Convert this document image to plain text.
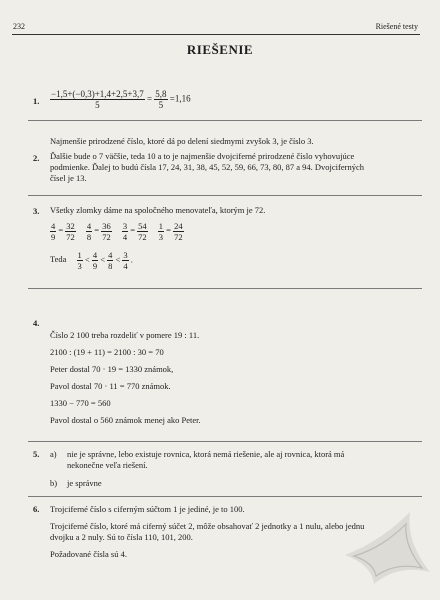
232	Riešené testy
RIEŠENIE
1. $\frac{-1,5+(-0,3)+1,4+2,5+3,7}{5} = \frac{5,8}{5} =1,16$
Najmenšie prirodzené číslo, ktoré dá po delení siedmymi zvyšok 3, je číslo 3.
2. Ďalšie bude o 7 väčšie, teda 10 a to je najmenšie dvojciferné prirodzené číslo vyhovujúce
podmienke. Ďalej to budú čísla 17, 24, 31, 38, 45, 52, 59, 66, 73, 80, 87 a 94. Dvojciferných
čísel je 13.
3. Všetky zlomky dáme na spoločného menovateľa, ktorým je 72.
$\frac{4}{9} = \frac{32}{72}$
$\frac{4}{8} = \frac{36}{72}$
$\frac{3}{4} = \frac{54}{72}$
$\frac{1}{3} = \frac{24}{72}$
Teda $\frac{1}{3} < \frac{4}{9} < \frac{4}{8} < \frac{3}{4}$ .
4.
Číslo 2 100 treba rozdeliť v pomere 19 : 11.
2100 : (19 + 11) = 2100 : 30 = 70
Peter dostal 70 · 19 = 1330 známok,
Pavol dostal 70 · 11 = 770 známok.
1330 − 770 = 560
Pavol dostal o 560 známok menej ako Peter.
5. a) nie je správne, lebo existuje rovnica, ktorá nemá riešenie, ale aj rovnica, ktorá má
nekonečne veľa riešení.
b) je správne
6. Trojciferné číslo s ciferným súčtom 1 je jediné, je to 100.
Trojciferné číslo, ktoré má ciferný súčet 2, môže obsahovať 2 jednotky a 1 nulu, alebo jednu
dvojku a 2 nuly. Sú to čísla 110, 101, 200.
Požadované čísla sú 4.
